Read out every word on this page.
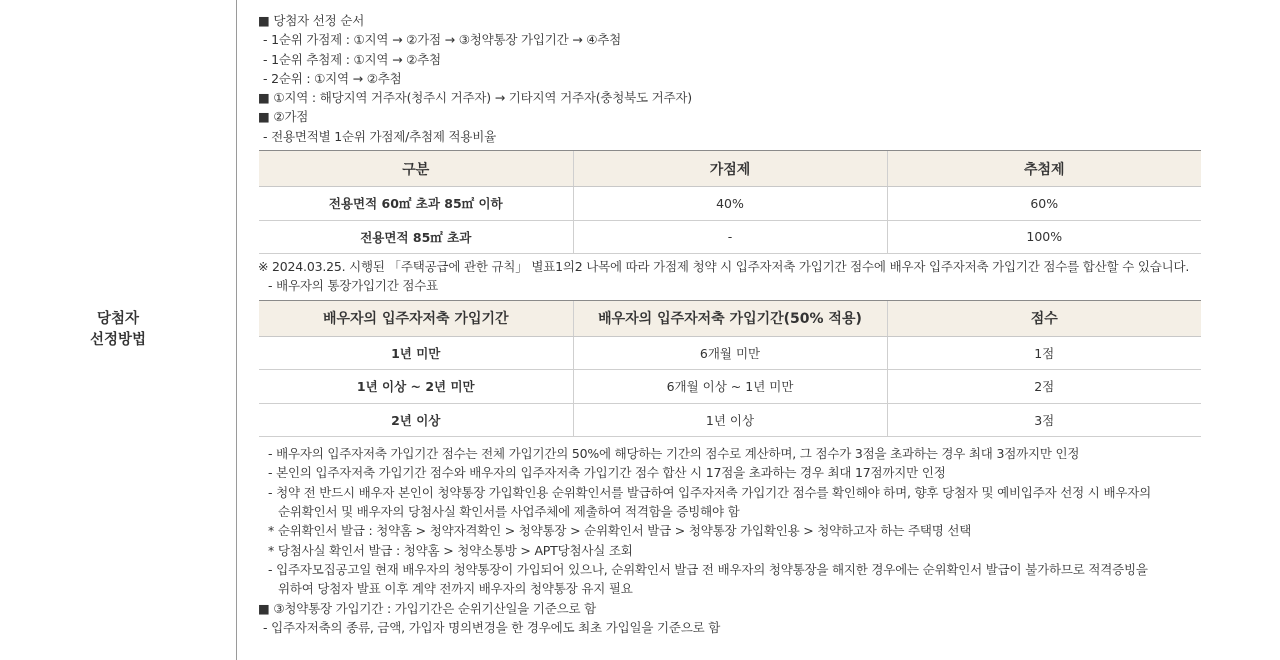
당첨자
선정방법
■ 당첨자 선정 순서
- 1순위 가점제 : ①지역 → ②가점 → ③청약통장 가입기간 → ④추첨
- 1순위 추첨제 : ①지역 → ②추첨
- 2순위 : ①지역 → ②추첨
■ ①지역 : 해당지역 거주자(청주시 거주자) → 기타지역 거주자(충청북도 거주자)
■ ②가점
- 전용면적별 1순위 가점제/추첨제 적용비율
구분	가점제	추첨제
전용면적 60㎡ 초과 85㎡ 이하	40%	60%
전용면적 85㎡ 초과	-	100%
※ 2024.03.25. 시행된 「주택공급에 관한 규칙」 별표1의2 나목에 따라 가점제 청약 시 입주자저축 가입기간 점수에 배우자 입주자저축 가입기간 점수를 합산할 수 있습니다.
- 배우자의 통장가입기간 점수표
배우자의 입주자저축 가입기간	배우자의 입주자저축 가입기간(50% 적용)	점수
1년 미만	6개월 미만	1점
1년 이상 ~ 2년 미만	6개월 이상 ~ 1년 미만	2점
2년 이상	1년 이상	3점
- 배우자의 입주자저축 가입기간 점수는 전체 가입기간의 50%에 해당하는 기간의 점수로 계산하며, 그 점수가 3점을 초과하는 경우 최대 3점까지만 인정
- 본인의 입주자저축 가입기간 점수와 배우자의 입주자저축 가입기간 점수 합산 시 17점을 초과하는 경우 최대 17점까지만 인정
- 청약 전 반드시 배우자 본인이 청약통장 가입확인용 순위확인서를 발급하여 입주자저축 가입기간 점수를 확인해야 하며, 향후 당첨자 및 예비입주자 선정 시 배우자의
순위확인서 및 배우자의 당첨사실 확인서를 사업주체에 제출하여 적격함을 증빙해야 함
* 순위확인서 발급 : 청약홈 > 청약자격확인 > 청약통장 > 순위확인서 발급 > 청약통장 가입확인용 > 청약하고자 하는 주택명 선택
* 당첨사실 확인서 발급 : 청약홈 > 청약소통방 > APT당첨사실 조회
- 입주자모집공고일 현재 배우자의 청약통장이 가입되어 있으나, 순위확인서 발급 전 배우자의 청약통장을 해지한 경우에는 순위확인서 발급이 불가하므로 적격증빙을
위하여 당첨자 발표 이후 계약 전까지 배우자의 청약통장 유지 필요
■ ③청약통장 가입기간 : 가입기간은 순위기산일을 기준으로 함
- 입주자저축의 종류, 금액, 가입자 명의변경을 한 경우에도 최초 가입일을 기준으로 함
